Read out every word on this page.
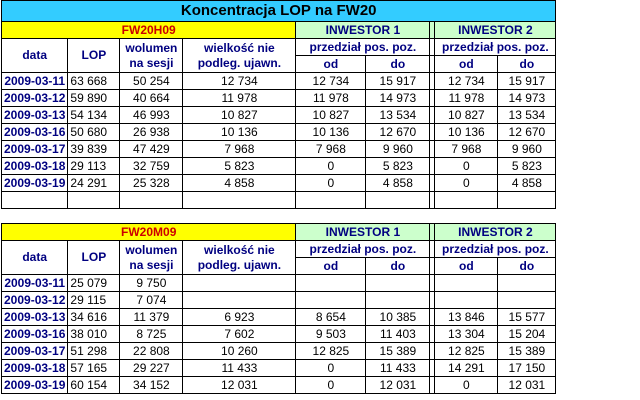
Koncentracja LOP na FW20								
FW20H09				INWESTOR 1			INWESTOR 2	
data	LOP	wolumen
na sesji	wielkość nie
podleg. ujawn.	przedział pos. poz.			przedział pos. poz.	
				od	do		od	do
2009-03-11	63 668	50 254	12 734	12 734	15 917		12 734	15 917
2009-03-12	59 890	40 664	11 978	11 978	14 973		11 978	14 973
2009-03-13	54 134	46 993	10 827	10 827	13 534		10 827	13 534
2009-03-16	50 680	26 938	10 136	10 136	12 670		10 136	12 670
2009-03-17	39 839	47 429	7 968	7 968	9 960		7 968	9 960
2009-03-18	29 113	32 759	5 823	0	5 823		0	5 823
2009-03-19	24 291	25 328	4 858	0	4 858		0	4 858

FW20M09				INWESTOR 1			INWESTOR 2	
data	LOP	wolumen
na sesji	wielkość nie
podleg. ujawn.	przedział pos. poz.			przedział pos. poz.	
				od	do		od	do
2009-03-11	25 079	9 750						
2009-03-12	29 115	7 074						
2009-03-13	34 616	11 379	6 923	8 654	10 385		13 846	15 577
2009-03-16	38 010	8 725	7 602	9 503	11 403		13 304	15 204
2009-03-17	51 298	22 808	10 260	12 825	15 389		12 825	15 389
2009-03-18	57 165	29 227	11 433	0	11 433		14 291	17 150
2009-03-19	60 154	34 152	12 031	0	12 031		0	12 031
